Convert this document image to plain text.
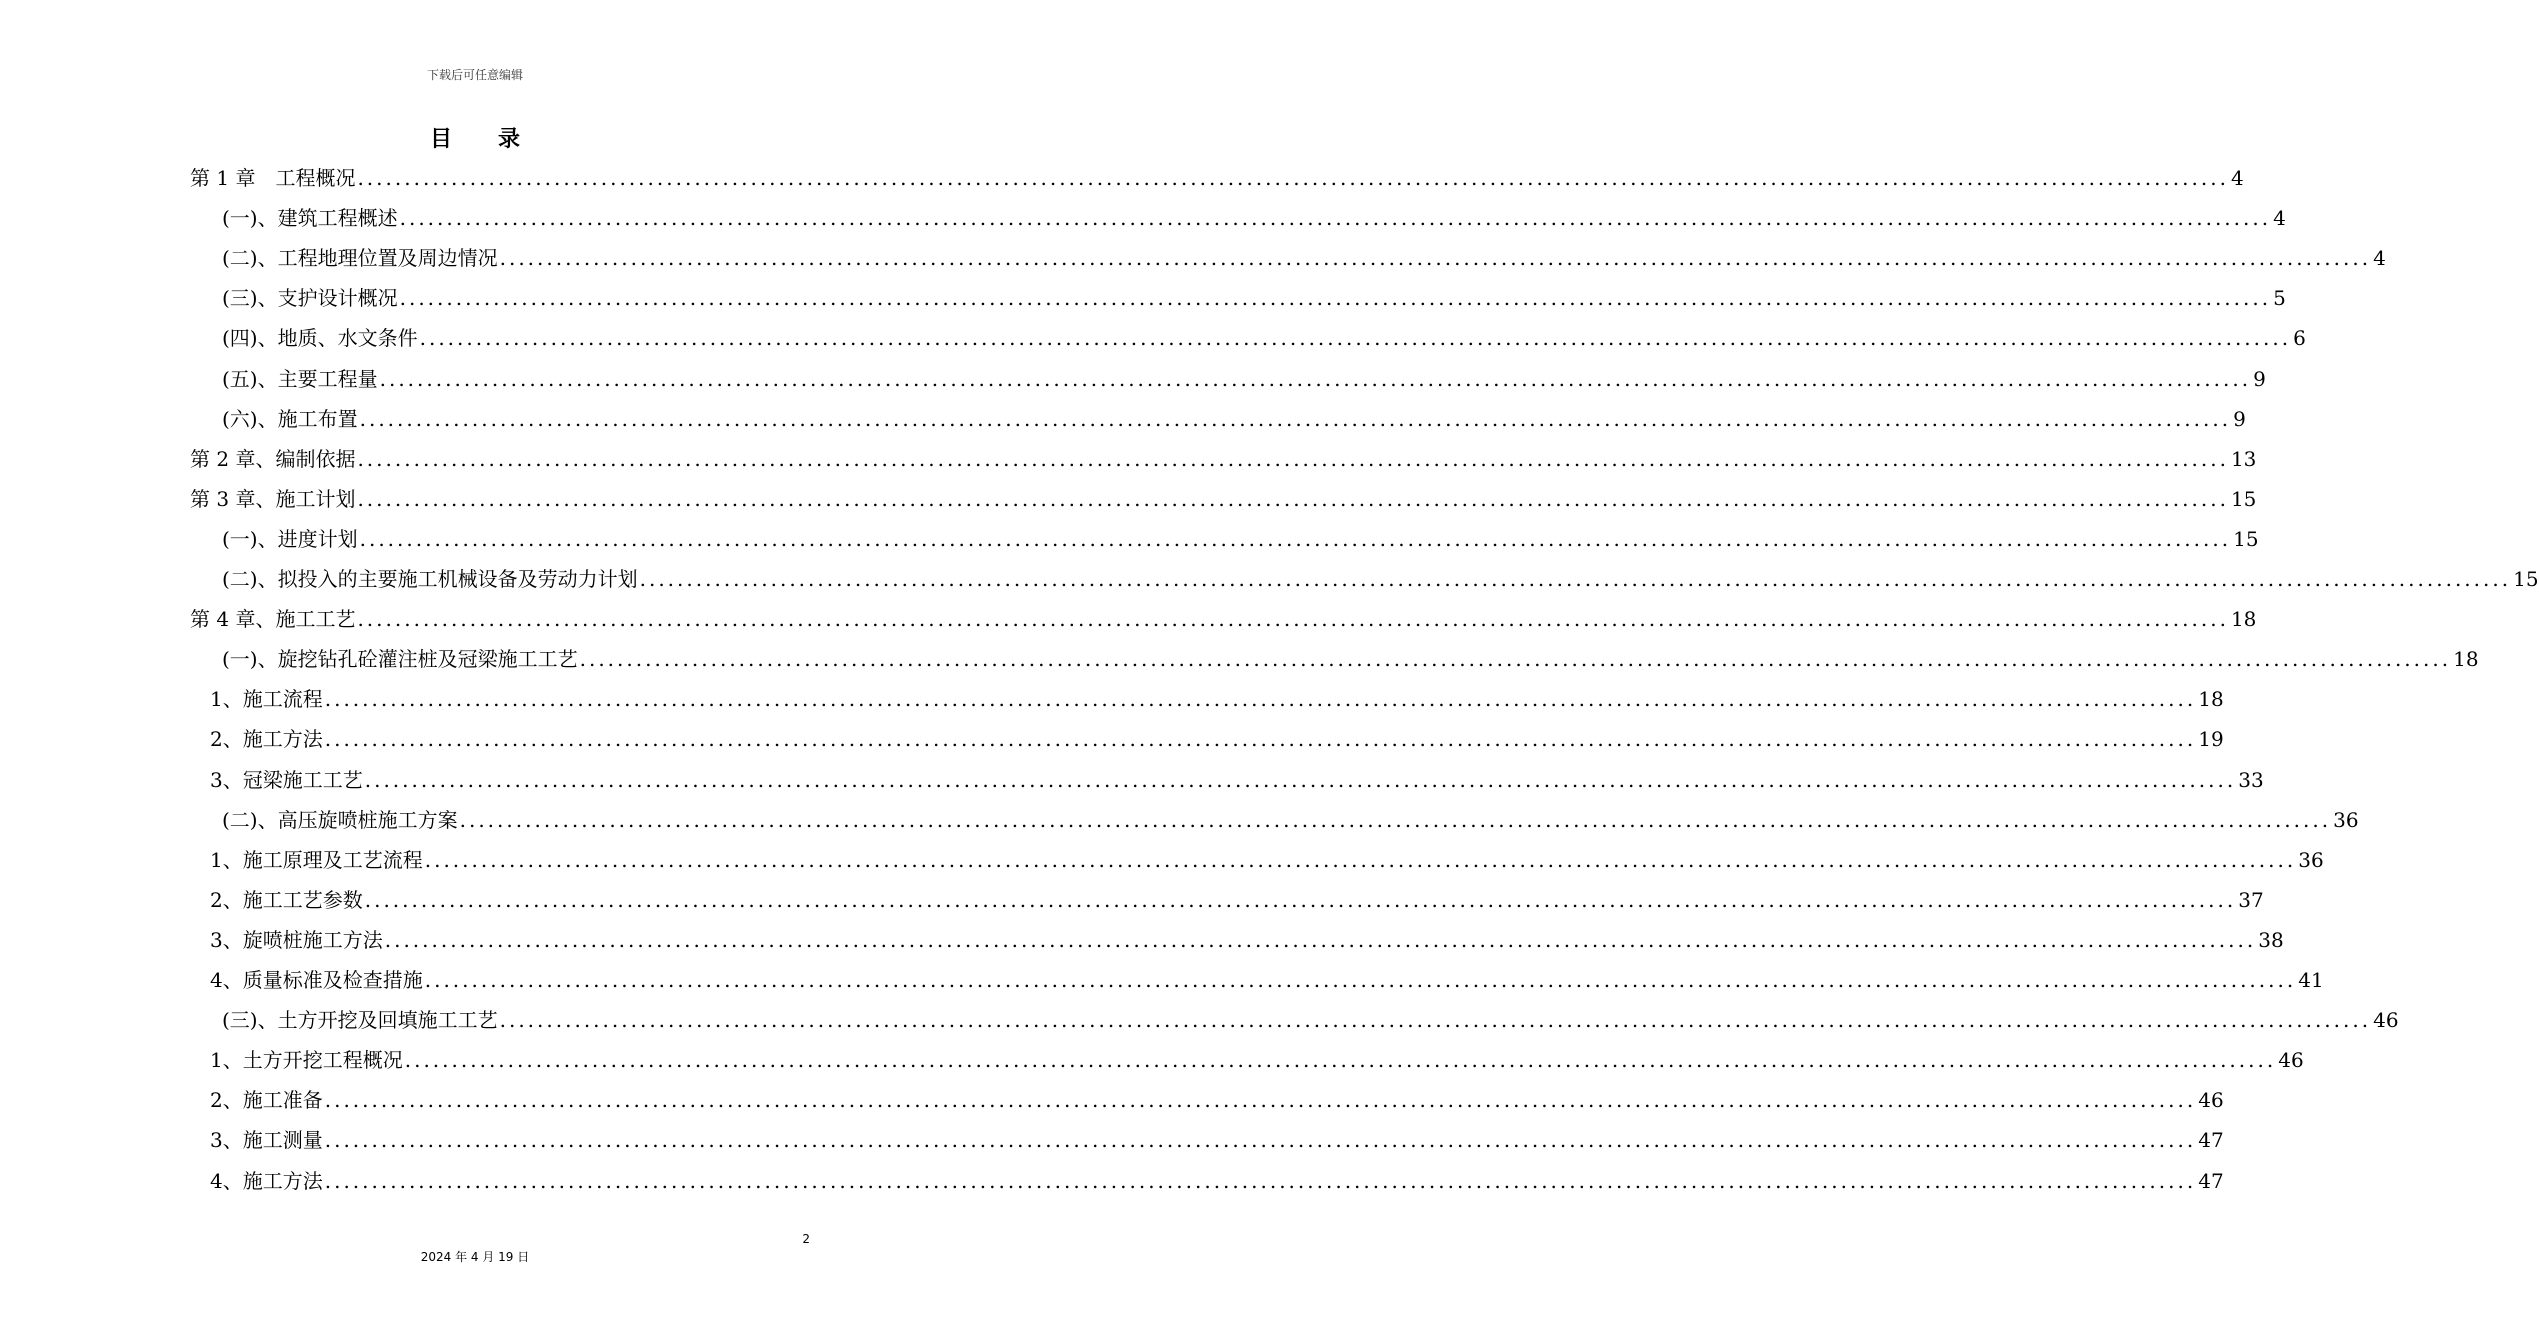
下载后可任意编辑
目录
第 1 章　工程概况 ........................................................................................................................................................................................................ 4
(一)、建筑工程概述 ........................................................................................................................................................................................................ 4
(二)、工程地理位置及周边情况 ........................................................................................................................................................................................................ 4
(三)、支护设计概况 ........................................................................................................................................................................................................ 5
(四)、地质、水文条件 ........................................................................................................................................................................................................ 6
(五)、主要工程量 ........................................................................................................................................................................................................ 9
(六)、施工布置 ........................................................................................................................................................................................................ 9
第 2 章、编制依据 ........................................................................................................................................................................................................ 13
第 3 章、施工计划 ........................................................................................................................................................................................................ 15
(一)、进度计划 ........................................................................................................................................................................................................ 15
(二)、拟投入的主要施工机械设备及劳动力计划 ........................................................................................................................................................................................................ 15
第 4 章、施工工艺 ........................................................................................................................................................................................................ 18
(一)、旋挖钻孔砼灌注桩及冠梁施工工艺 ........................................................................................................................................................................................................ 18
1、施工流程 ........................................................................................................................................................................................................ 18
2、施工方法 ........................................................................................................................................................................................................ 19
3、冠梁施工工艺 ........................................................................................................................................................................................................ 33
(二)、高压旋喷桩施工方案 ........................................................................................................................................................................................................ 36
1、施工原理及工艺流程 ........................................................................................................................................................................................................ 36
2、施工工艺参数 ........................................................................................................................................................................................................ 37
3、旋喷桩施工方法 ........................................................................................................................................................................................................ 38
4、质量标准及检查措施 ........................................................................................................................................................................................................ 41
(三)、土方开挖及回填施工工艺 ........................................................................................................................................................................................................ 46
1、土方开挖工程概况 ........................................................................................................................................................................................................ 46
2、施工准备 ........................................................................................................................................................................................................ 46
3、施工测量 ........................................................................................................................................................................................................ 47
4、施工方法 ........................................................................................................................................................................................................ 47
2
2024 年 4 月 19 日
